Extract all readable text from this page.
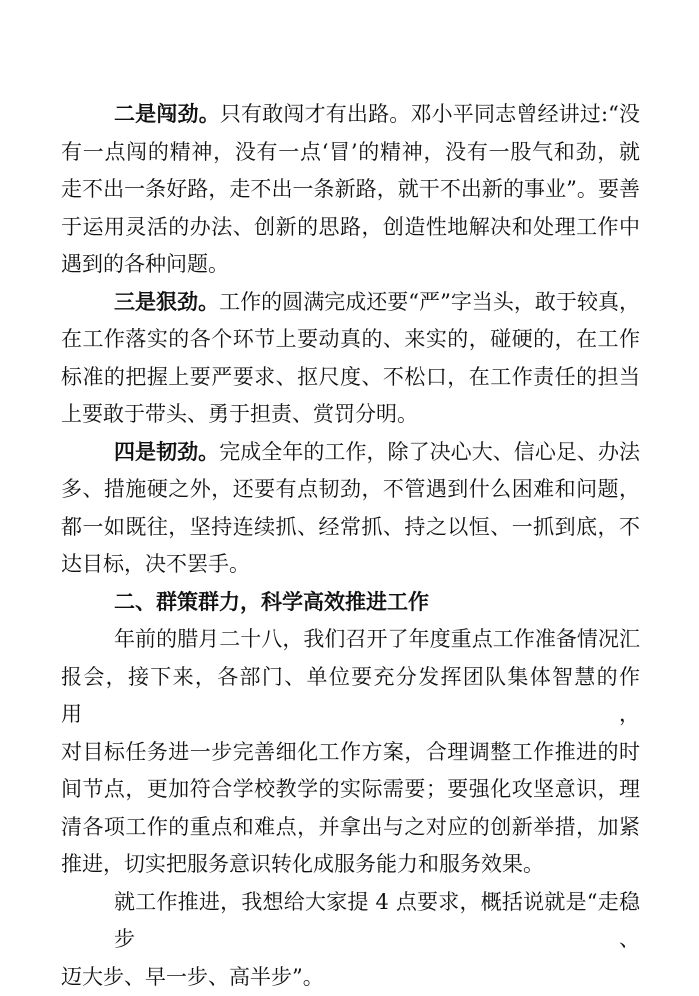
二是闯劲。只有敢闯才有出路。邓小平同志曾经讲过:“没
有一点闯的精神，没有一点‘冒’的精神，没有一股气和劲，就
走不出一条好路，走不出一条新路，就干不出新的事业”。要善
于运用灵活的办法、创新的思路，创造性地解决和处理工作中
遇到的各种问题。
三是狠劲。工作的圆满完成还要“严”字当头，敢于较真，
在工作落实的各个环节上要动真的、来实的，碰硬的，在工作
标准的把握上要严要求、抠尺度、不松口，在工作责任的担当
上要敢于带头、勇于担责、赏罚分明。
四是韧劲。完成全年的工作，除了决心大、信心足、办法
多、措施硬之外，还要有点韧劲，不管遇到什么困难和问题，
都一如既往，坚持连续抓、经常抓、持之以恒、一抓到底，不
达目标，决不罢手。
二、群策群力，科学高效推进工作
年前的腊月二十八，我们召开了年度重点工作准备情况汇
报会，接下来，各部门、单位要充分发挥团队集体智慧的作用，
对目标任务进一步完善细化工作方案，合理调整工作推进的时
间节点，更加符合学校教学的实际需要；要强化攻坚意识，理
清各项工作的重点和难点，并拿出与之对应的创新举措，加紧
推进，切实把服务意识转化成服务能力和服务效果。
就工作推进，我想给大家提 4 点要求，概括说就是“走稳步、
迈大步、早一步、高半步”。
